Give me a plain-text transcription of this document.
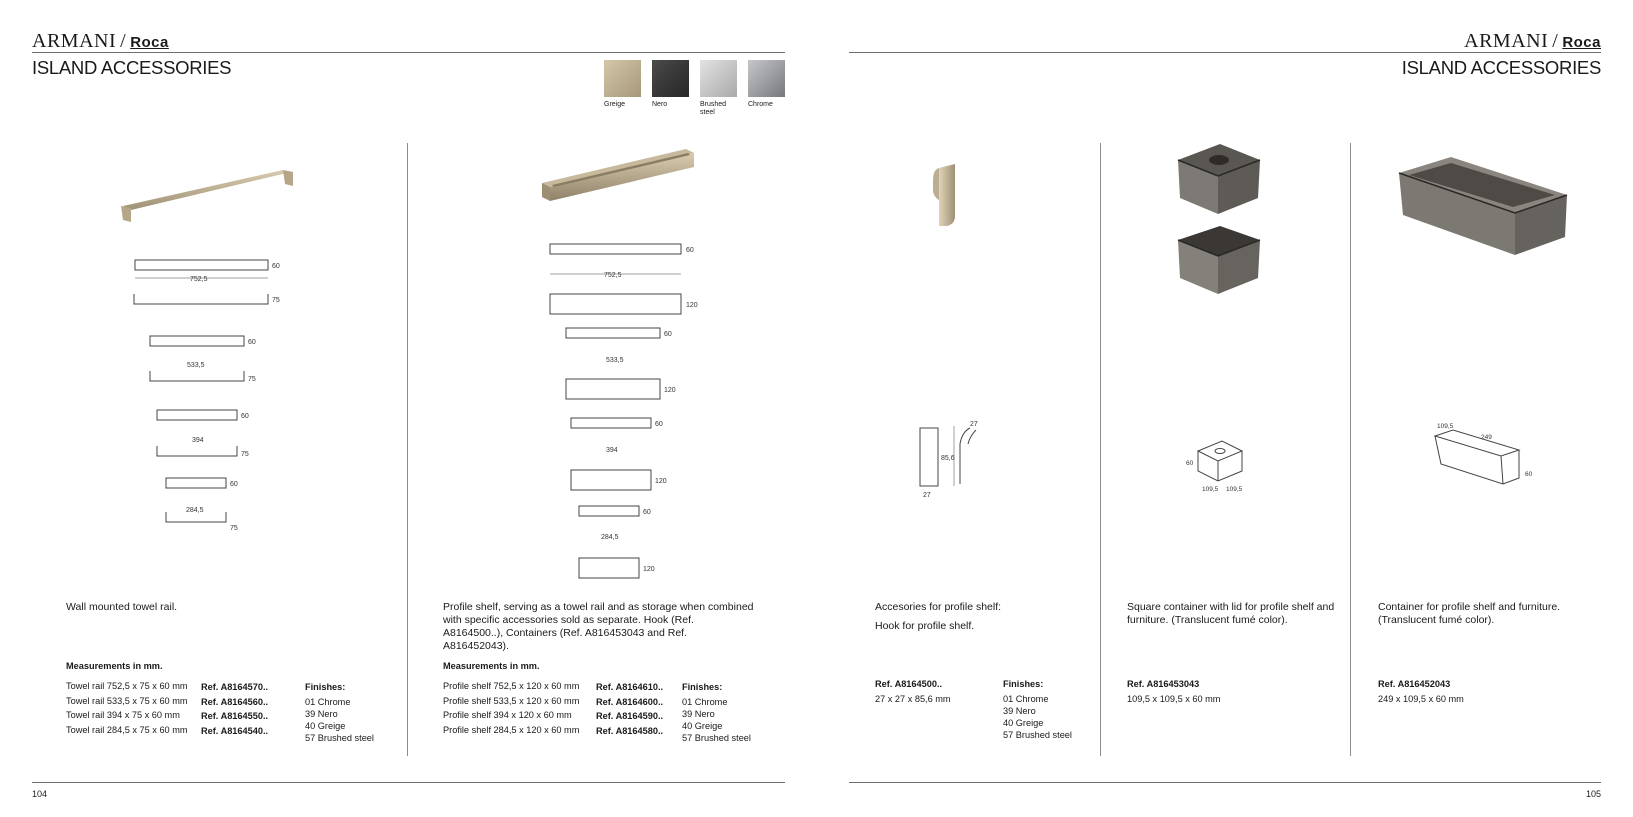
ARMANI / Roca
ISLAND ACCESSORIES
Greige	Nero	Brushed steel
Chrome
752,5
60
75
533,5
60
75
394
60
75
284,5
60
75
Wall mounted towel rail.
Measurements in mm.
Towel rail 752,5 x 75 x 60 mm
Towel rail 533,5 x 75 x 60 mm
Towel rail 394 x 75 x 60 mm
Towel rail 284,5 x 75 x 60 mm
Ref. A8164570..
Ref. A8164560..
Ref. A8164550..
Ref. A8164540..
Finishes:
01 Chrome
39 Nero
40 Greige
57 Brushed steel
752,5
60
120
533,5
60
120
394
60
120
284,5
60
120
Profile shelf, serving as a towel rail and as storage when combined with specific accessories sold as separate. Hook (Ref. A8164500..), Containers (Ref. A816453043 and Ref. A816452043).
Measurements in mm.
Profile shelf 752,5 x 120 x 60 mm
Profile shelf 533,5 x 120 x 60 mm
Profile shelf 394 x 120 x 60 mm
Profile shelf 284,5 x 120 x 60 mm
Ref. A8164610..
Ref. A8164600..
Ref. A8164590..
Ref. A8164580..
Finishes:
01 Chrome
39 Nero
40 Greige
57 Brushed steel
104
ARMANI / Roca
ISLAND ACCESSORIES
27
85,6
27
Accesories for profile shelf:
Hook for profile shelf.
Ref. A8164500..
27 x 27 x 85,6 mm
Finishes:
01 Chrome
39 Nero
40 Greige
57 Brushed steel
60
109,5 109,5
Square container with lid for profile shelf and furniture. (Translucent fumé color).
Ref. A816453043
109,5 x 109,5 x 60 mm
109,5
249
60
Container for profile shelf and furniture. (Translucent fumé color).
Ref. A816452043
249 x 109,5 x 60 mm
105
